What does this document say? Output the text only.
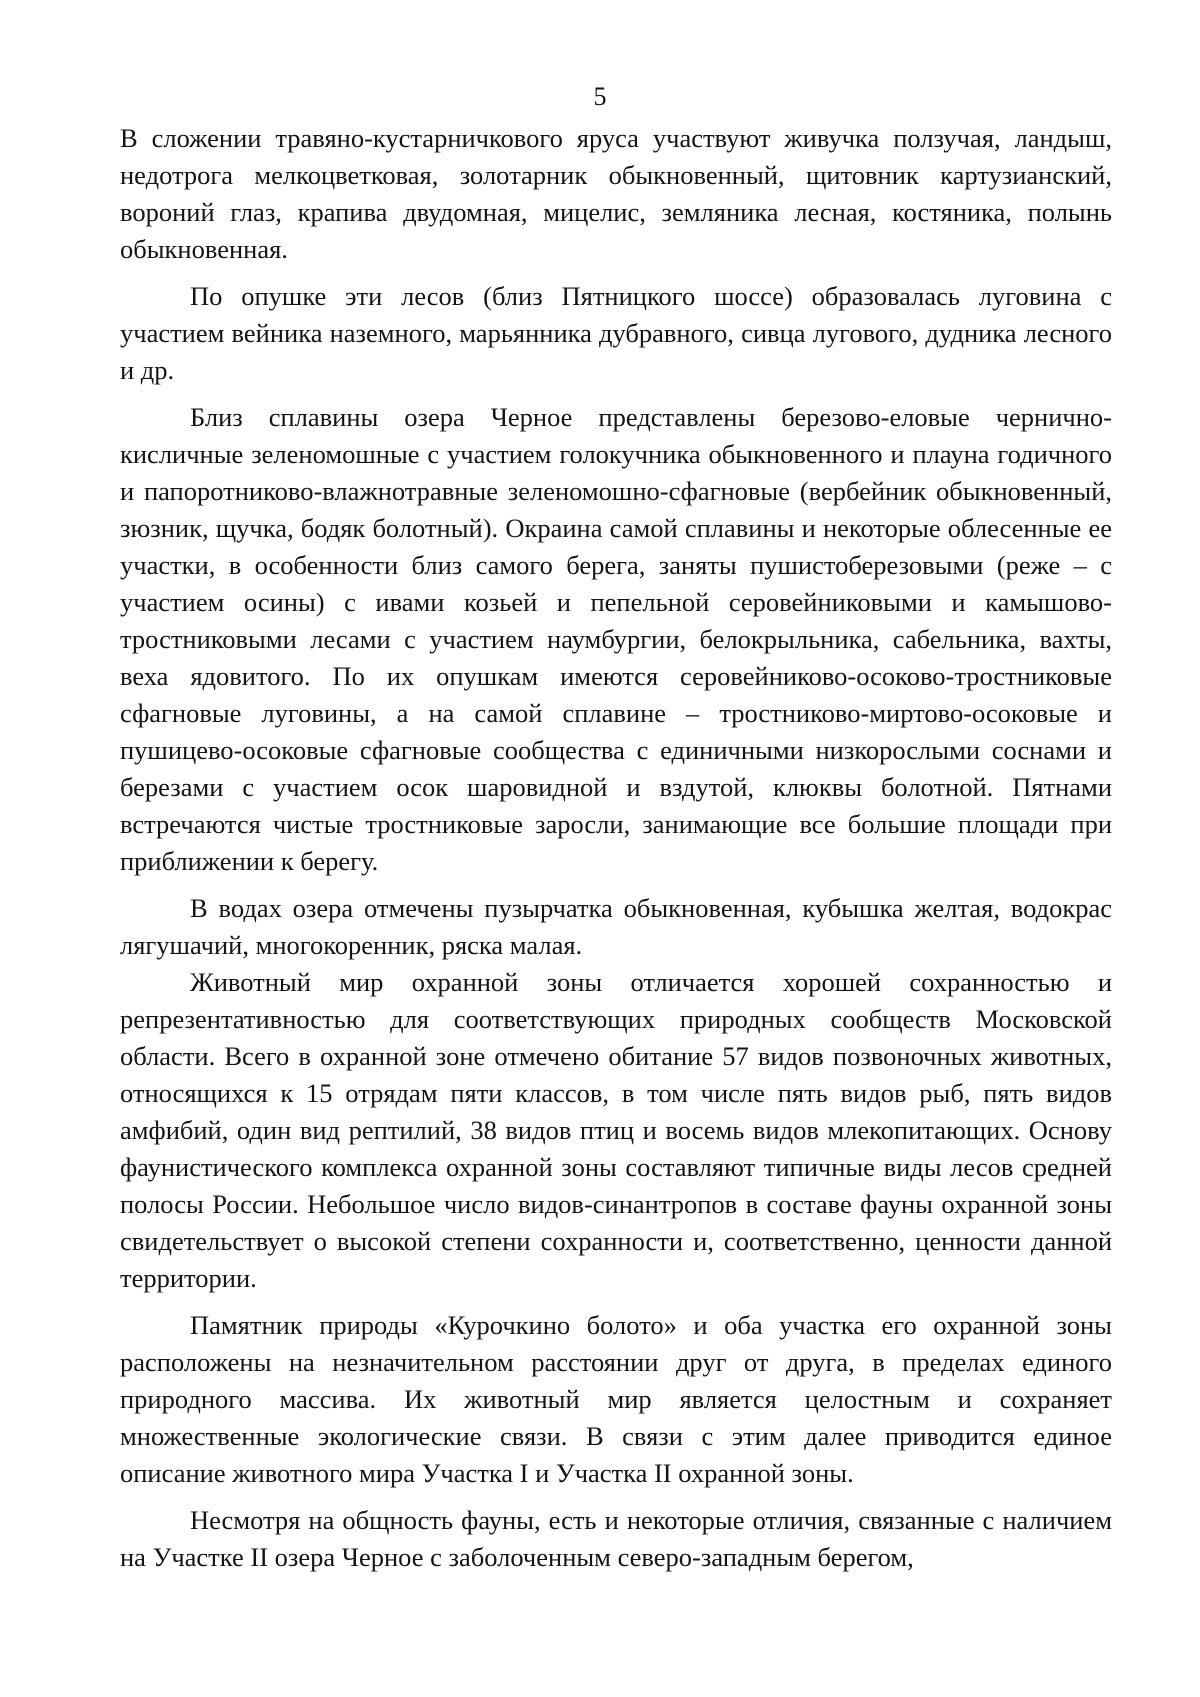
5

В сложении травяно-кустарничкового яруса участвуют живучка ползучая, ландыш, недотрога мелкоцветковая, золотарник обыкновенный, щитовник картузианский, вороний глаз, крапива двудомная, мицелис, земляника лесная, костяника, полынь обыкновенная.

По опушке эти лесов (близ Пятницкого шоссе) образовалась луговина с участием вейника наземного, марьянника дубравного, сивца лугового, дудника лесного и др.

Близ сплавины озера Черное представлены березово-еловые чернично-кисличные зеленомошные с участием голокучника обыкновенного и плауна годичного и папоротниково-влажнотравные зеленомошно-сфагновые (вербейник обыкновенный, зюзник, щучка, бодяк болотный). Окраина самой сплавины и некоторые облесенные ее участки, в особенности близ самого берега, заняты пушистоберезовыми (реже – с участием осины) с ивами козьей и пепельной серовейниковыми и камышово-тростниковыми лесами с участием наумбургии, белокрыльника, сабельника, вахты, веха ядовитого. По их опушкам имеются серовейниково-осоково-тростниковые сфагновые луговины, а на самой сплавине – тростниково-миртово-осоковые и пушицево-осоковые сфагновые сообщества с единичными низкорослыми соснами и березами с участием осок шаровидной и вздутой, клюквы болотной. Пятнами встречаются чистые тростниковые заросли, занимающие все большие площади при приближении к берегу.

В водах озера отмечены пузырчатка обыкновенная, кубышка желтая, водокрас лягушачий, многокоренник, ряска малая.

Животный мир охранной зоны отличается хорошей сохранностью и репрезентативностью для соответствующих природных сообществ Московской области. Всего в охранной зоне отмечено обитание 57 видов позвоночных животных, относящихся к 15 отрядам пяти классов, в том числе пять видов рыб, пять видов амфибий, один вид рептилий, 38 видов птиц и восемь видов млекопитающих. Основу фаунистического комплекса охранной зоны составляют типичные виды лесов средней полосы России. Небольшое число видов-синантропов в составе фауны охранной зоны свидетельствует о высокой степени сохранности и, соответственно, ценности данной территории.

Памятник природы «Курочкино болото» и оба участка его охранной зоны расположены на незначительном расстоянии друг от друга, в пределах единого природного массива. Их животный мир является целостным и сохраняет множественные экологические связи. В связи с этим далее приводится единое описание животного мира Участка I и Участка II охранной зоны.

Несмотря на общность фауны, есть и некоторые отличия, связанные с наличием на Участке II озера Черное с заболоченным северо-западным берегом,
